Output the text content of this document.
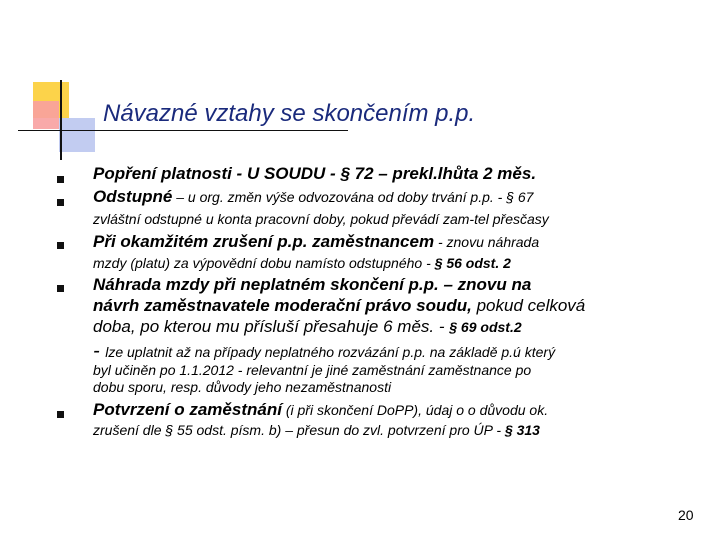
Návazné vztahy se skončením p.p.

Popření platnosti - U SOUDU - § 72 – prekl.lhůta 2 měs.

Odstupné – u org. změn výše odvozována od doby trvání p.p. - § 67

zvláštní odstupné u konta pracovní doby, pokud převádí zam-tel přesčasy

Při okamžitém zrušení p.p. zaměstnancem - znovu náhrada

mzdy (platu) za výpovědní dobu namísto odstupného - § 56 odst. 2

Náhrada mzdy při neplatném skončení p.p. – znovu na

návrh zaměstnavatele moderační právo soudu, pokud celková

doba, po kterou mu přísluší přesahuje 6 měs. - § 69 odst.2

- lze uplatnit až na případy neplatného rozvázání p.p. na základě p.ú který

byl učiněn po 1.1.2012 - relevantní je jiné zaměstnání zaměstnance po

dobu sporu, resp. důvody jeho nezaměstnanosti

Potvrzení o zaměstnání (i při skončení DoPP), údaj o o důvodu ok.

zrušení dle § 55 odst. písm. b) – přesun do zvl. potvrzení pro ÚP - § 313

20
